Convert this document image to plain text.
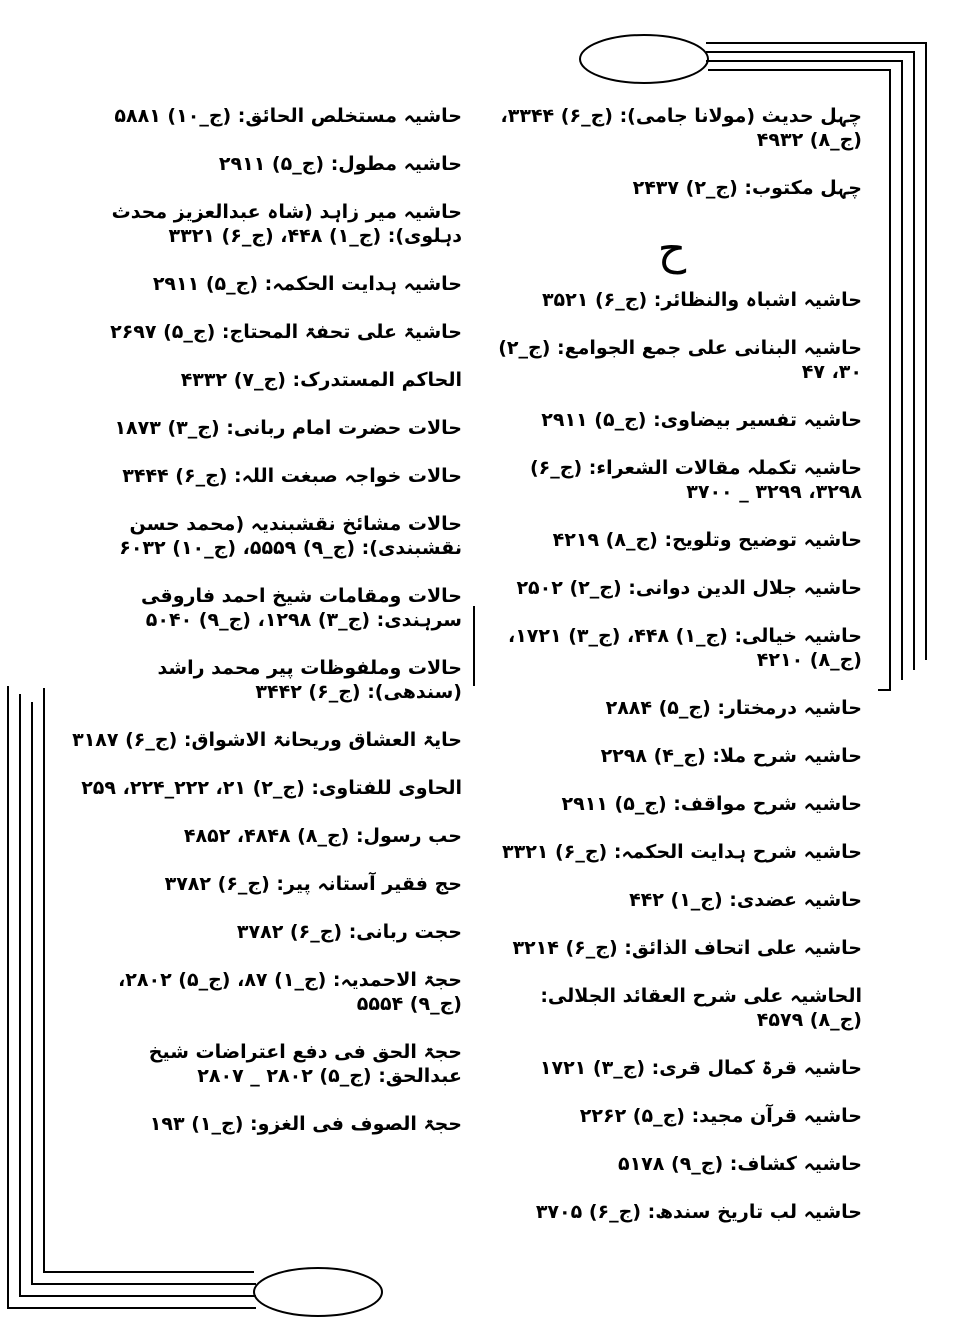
چہل حدیث (مولانا جامی): (ج_۶) ۳۳۴۴، (ج_۸) ۴۹۳۲
چہل مکتوب: (ج_۲) ۲۴۳۷
ح
حاشیہ اشباہ والنظائر: (ج_۶) ۳۵۲۱
حاشیہ البنانی علی جمع الجوامع: (ج_۲) ۳۰، ۴۷
حاشیہ تفسیر بیضاوی: (ج_۵) ۲۹۱۱
حاشیہ تکملہ مقالات الشعراء: (ج_۶) ۳۲۹۸، ۳۲۹۹ _ ۳۷۰۰
حاشیہ توضیح وتلویح: (ج_۸) ۴۲۱۹
حاشیہ جلال الدین دوانی: (ج_۲) ۲۵۰۲
حاشیہ خیالی: (ج_۱) ۴۴۸، (ج_۳) ۱۷۲۱، (ج_۸) ۴۲۱۰
حاشیہ درمختار: (ج_۵) ۲۸۸۴
حاشیہ شرح ملا: (ج_۴) ۲۲۹۸
حاشیہ شرح مواقف: (ج_۵) ۲۹۱۱
حاشیہ شرح ہدایت الحکمہ: (ج_۶) ۳۳۲۱
حاشیہ عضدی: (ج_۱) ۴۴۲
حاشیہ علی اتحاف الذائق: (ج_۶) ۳۲۱۴
الحاشیہ علی شرح العقائد الجلالی: (ج_۸) ۴۵۷۹
حاشیہ قرۃ کمال قری: (ج_۳) ۱۷۲۱
حاشیہ قرآن مجید: (ج_۵) ۲۲۶۲
حاشیہ کشاف: (ج_۹) ۵۱۷۸
حاشیہ لب تاریخ سندھ: (ج_۶) ۳۷۰۵
حاشیہ مستخلص الحائق: (ج_۱۰) ۵۸۸۱
حاشیہ مطول: (ج_۵) ۲۹۱۱
حاشیہ میر زاہد (شاہ عبدالعزیز محدث دہلوی): (ج_۱) ۴۴۸، (ج_۶) ۳۳۲۱
حاشیہ ہدایت الحکمہ: (ج_۵) ۲۹۱۱
حاشیۃ علی تحفۃ المحتاج: (ج_۵) ۲۶۹۷
الحاکم المستدرک: (ج_۷) ۴۳۳۲
حالات حضرت امام ربانی: (ج_۳) ۱۸۷۳
حالات خواجہ صبغت اللہ: (ج_۶) ۳۴۴۴
حالات مشائخ نقشبندیہ (محمد حسن نقشبندی): (ج_۹) ۵۵۵۹، (ج_۱۰) ۶۰۳۲
حالات ومقامات شیخ احمد فاروقی سرہندی: (ج_۳) ۱۲۹۸، (ج_۹) ۵۰۴۰
حالات وملفوظات پیر محمد راشد (سندھی): (ج_۶) ۳۴۴۲
حایۃ العشاق وریحانۃ الاشواق: (ج_۶) ۳۱۸۷
الحاوی للفتاوی: (ج_۲) ۲۱، ۲۲۲_۲۲۴، ۲۵۹
حب رسول: (ج_۸) ۴۸۴۸، ۴۸۵۲
حج فقیر آستانہ پیر: (ج_۶) ۳۷۸۲
حجت ربانی: (ج_۶) ۳۷۸۲
حجۃ الاحمدیہ: (ج_۱) ۸۷، (ج_۵) ۲۸۰۲، (ج_۹) ۵۵۵۴
حجۃ الحق فی دفع اعتراضات شیخ عبدالحق: (ج_۵) ۲۸۰۲ _ ۲۸۰۷
حجۃ الصوف فی الغزو: (ج_۱) ۱۹۳
